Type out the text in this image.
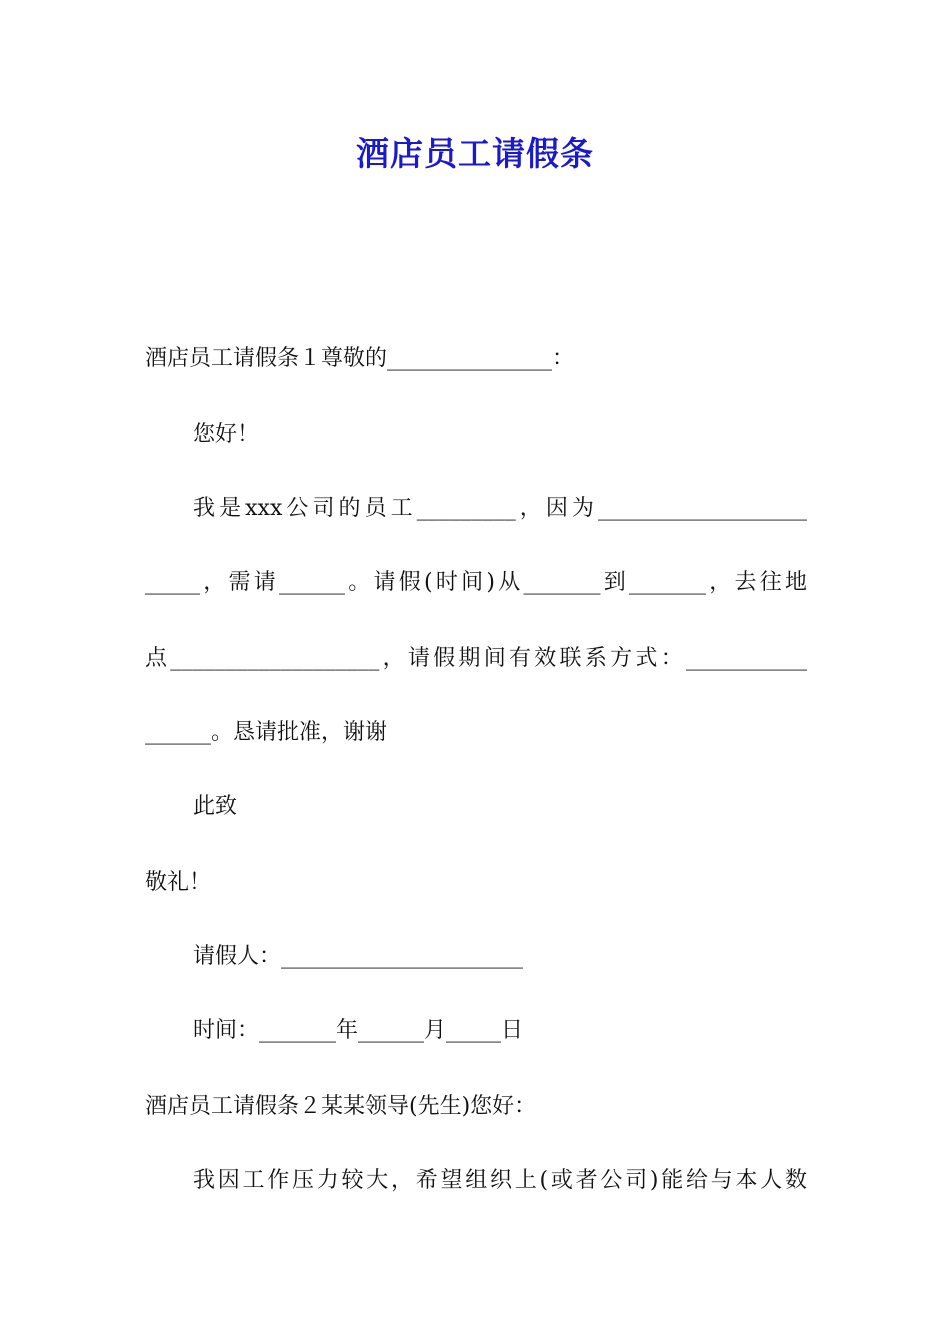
酒店员工请假条
酒店员工请假条１尊敬的_______________：
您好！
我是xxx公司的员工_________，因为___________________
_____，需请______。请假(时间)从_______到_______，去往地
点___________________，请假期间有效联系方式：___________
______。恳请批准，谢谢
此致
敬礼！
请假人：______________________
时间：_______年______月_____日
酒店员工请假条２某某领导(先生)您好：
我因工作压力较大，希望组织上(或者公司)能给与本人数
